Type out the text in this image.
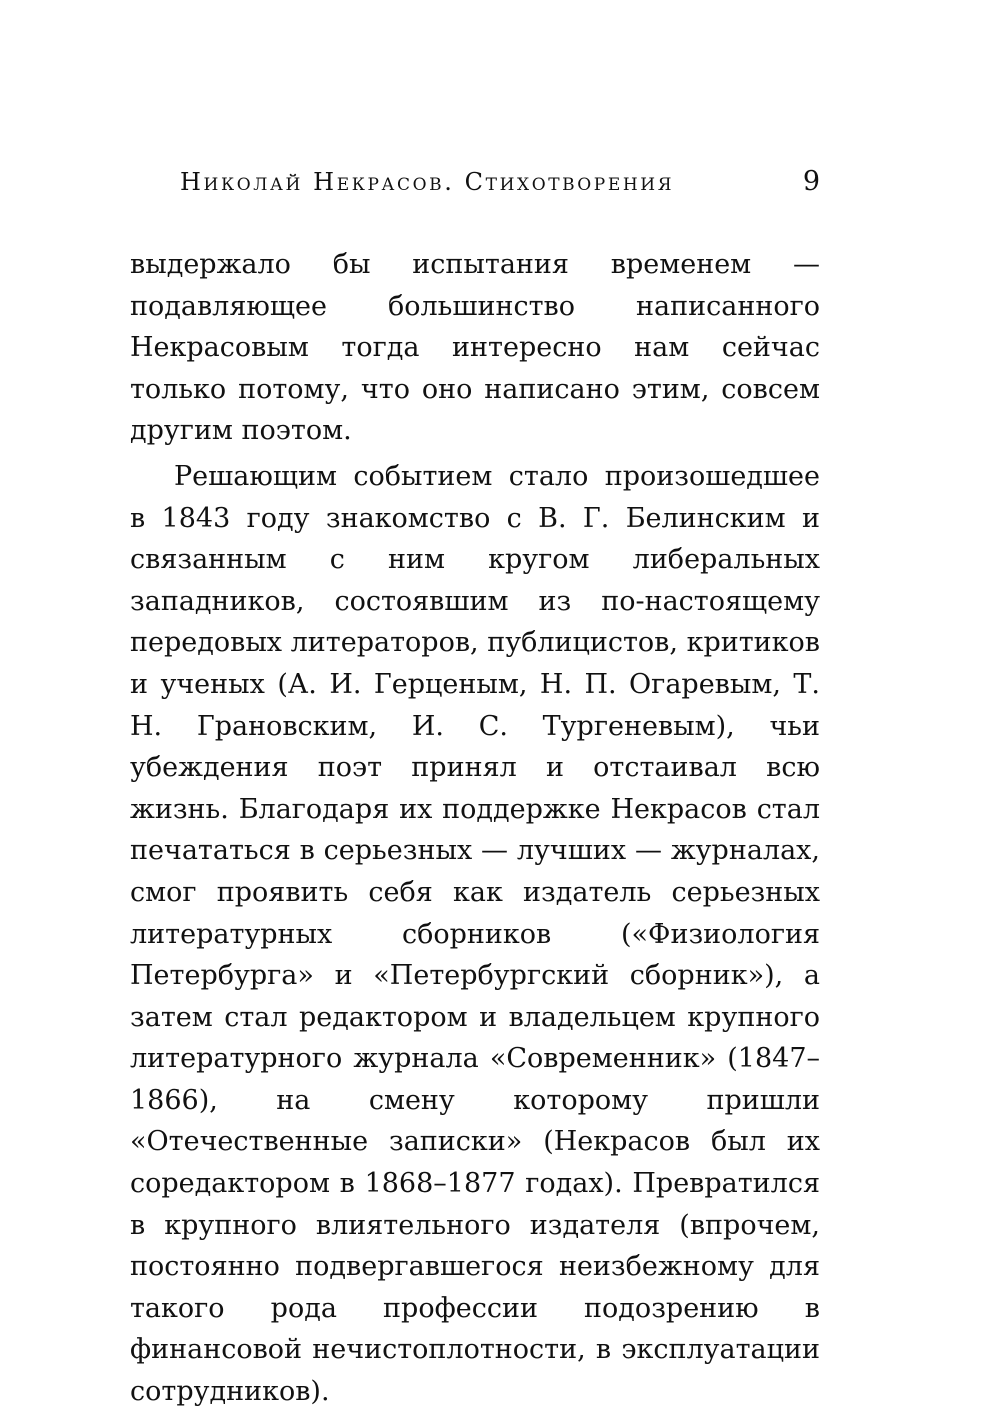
Николай Некрасов. Стихотворения	9

выдержало бы испытания временем — подавляющее большинство написанного Некрасовым тогда интересно нам сейчас только потому, что оно написано этим, совсем другим поэтом.

Решающим событием стало произошедшее в 1843 году знакомство с В. Г. Белинским и связанным с ним кругом либеральных западников, состоявшим из по-настоящему передовых литераторов, публицистов, критиков и ученых (А. И. Герценым, Н. П. Огаревым, Т. Н. Грановским, И. С. Тургеневым), чьи убеждения поэт принял и отстаивал всю жизнь. Благодаря их поддержке Некрасов стал печататься в серьезных — лучших — журналах, смог проявить себя как издатель серьезных литературных сборников («Физиология Петербурга» и «Петербургский сборник»), а затем стал редактором и владельцем крупного литературного журнала «Современник» (1847–1866), на смену которому пришли «Отечественные записки» (Некрасов был их соредактором в 1868–1877 годах). Превратился в крупного влиятельного издателя (впрочем, постоянно подвергавшегося неизбежному для такого рода профессии подозрению в финансовой нечистоплотности, в эксплуатации сотрудников).
